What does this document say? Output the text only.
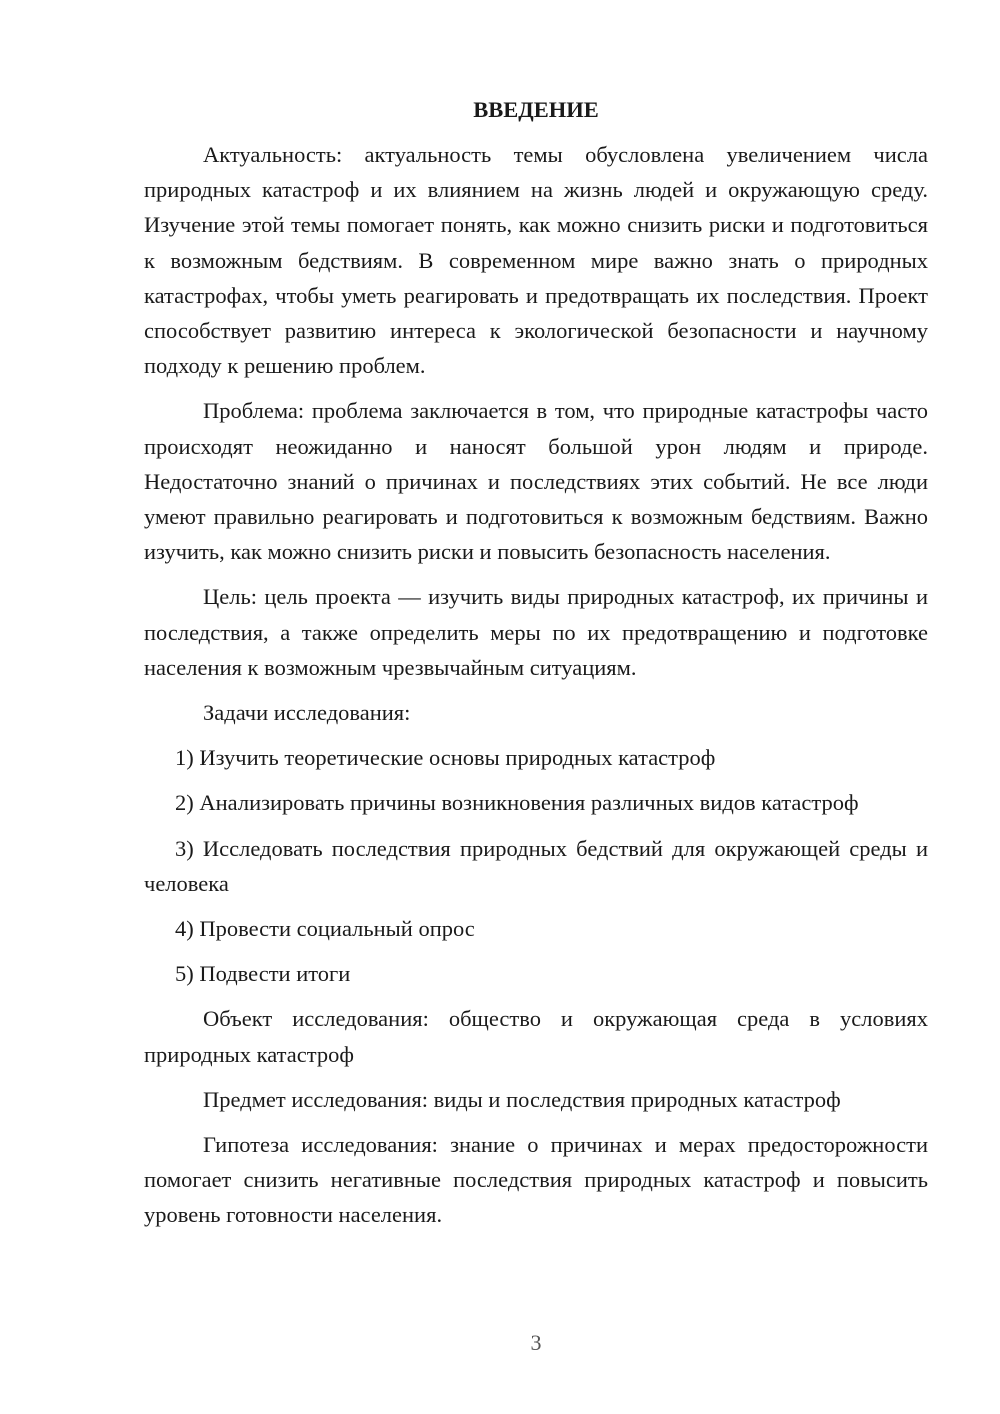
ВВЕДЕНИЕ
Актуальность: актуальность темы обусловлена увеличением числа природных катастроф и их влиянием на жизнь людей и окружающую среду. Изучение этой темы помогает понять, как можно снизить риски и подготовиться к возможным бедствиям. В современном мире важно знать о природных катастрофах, чтобы уметь реагировать и предотвращать их последствия. Проект способствует развитию интереса к экологической безопасности и научному подходу к решению проблем.
Проблема: проблема заключается в том, что природные катастрофы часто происходят неожиданно и наносят большой урон людям и природе. Недостаточно знаний о причинах и последствиях этих событий. Не все люди умеют правильно реагировать и подготовиться к возможным бедствиям. Важно изучить, как можно снизить риски и повысить безопасность населения.
Цель: цель проекта — изучить виды природных катастроф, их причины и последствия, а также определить меры по их предотвращению и подготовке населения к возможным чрезвычайным ситуациям.
Задачи исследования:
1) Изучить теоретические основы природных катастроф
2) Анализировать причины возникновения различных видов катастроф
3) Исследовать последствия природных бедствий для окружающей среды и человека
4) Провести социальный опрос
5) Подвести итоги
Объект исследования: общество и окружающая среда в условиях природных катастроф
Предмет исследования: виды и последствия природных катастроф
Гипотеза исследования: знание о причинах и мерах предосторожности помогает снизить негативные последствия природных катастроф и повысить уровень готовности населения.
3
